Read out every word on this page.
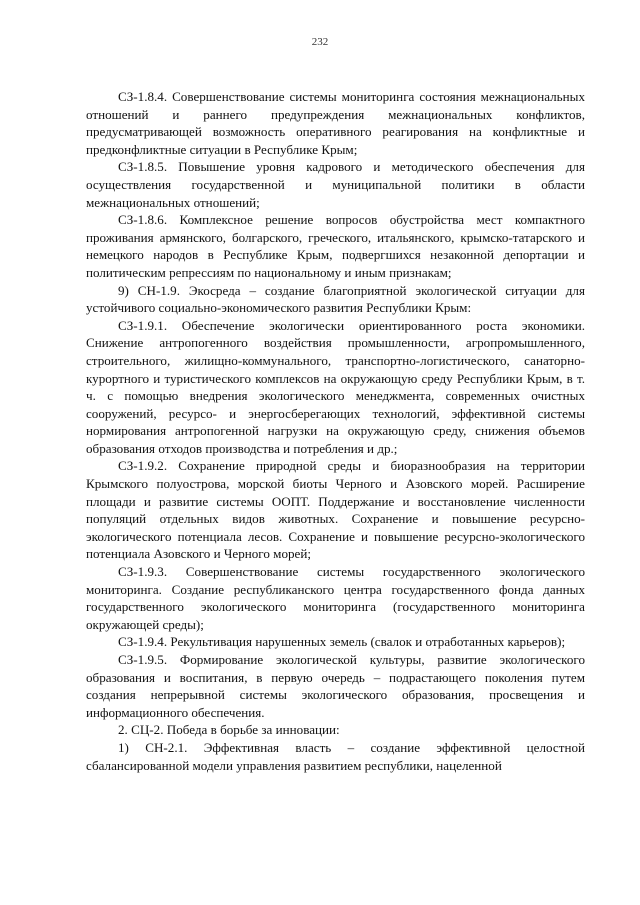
232

СЗ-1.8.4. Совершенствование системы мониторинга состояния межнациональных отношений и раннего предупреждения межнациональных конфликтов, предусматривающей возможность оперативного реагирования на конфликтные и предконфликтные ситуации в Республике Крым;

СЗ-1.8.5. Повышение уровня кадрового и методического обеспечения для осуществления государственной и муниципальной политики в области межнациональных отношений;

СЗ-1.8.6. Комплексное решение вопросов обустройства мест компактного проживания армянского, болгарского, греческого, итальянского, крымско-татарского и немецкого народов в Республике Крым, подвергшихся незаконной депортации и политическим репрессиям по национальному и иным признакам;

9) СН-1.9. Экосреда – создание благоприятной экологической ситуации для устойчивого социально-экономического развития Республики Крым:

СЗ-1.9.1. Обеспечение экологически ориентированного роста экономики. Снижение антропогенного воздействия промышленности, агропромышленного, строительного, жилищно-коммунального, транспортно-логистического, санаторно-курортного и туристического комплексов на окружающую среду Республики Крым, в т. ч. с помощью внедрения экологического менеджмента, современных очистных сооружений, ресурсо- и энергосберегающих технологий, эффективной системы нормирования антропогенной нагрузки на окружающую среду, снижения объемов образования отходов производства и потребления и др.;

СЗ-1.9.2. Сохранение природной среды и биоразнообразия на территории Крымского полуострова, морской биоты Черного и Азовского морей. Расширение площади и развитие системы ООПТ. Поддержание и восстановление численности популяций отдельных видов животных. Сохранение и повышение ресурсно-экологического потенциала лесов. Сохранение и повышение ресурсно-экологического потенциала Азовского и Черного морей;

СЗ-1.9.3. Совершенствование системы государственного экологического мониторинга. Создание республиканского центра государственного фонда данных государственного экологического мониторинга (государственного мониторинга окружающей среды);

СЗ-1.9.4. Рекультивация нарушенных земель (свалок и отработанных карьеров);

СЗ-1.9.5. Формирование экологической культуры, развитие экологического образования и воспитания, в первую очередь – подрастающего поколения путем создания непрерывной системы экологического образования, просвещения и информационного обеспечения.

2. СЦ-2. Победа в борьбе за инновации:

1) СН-2.1. Эффективная власть – создание эффективной целостной сбалансированной модели управления развитием республики, нацеленной
